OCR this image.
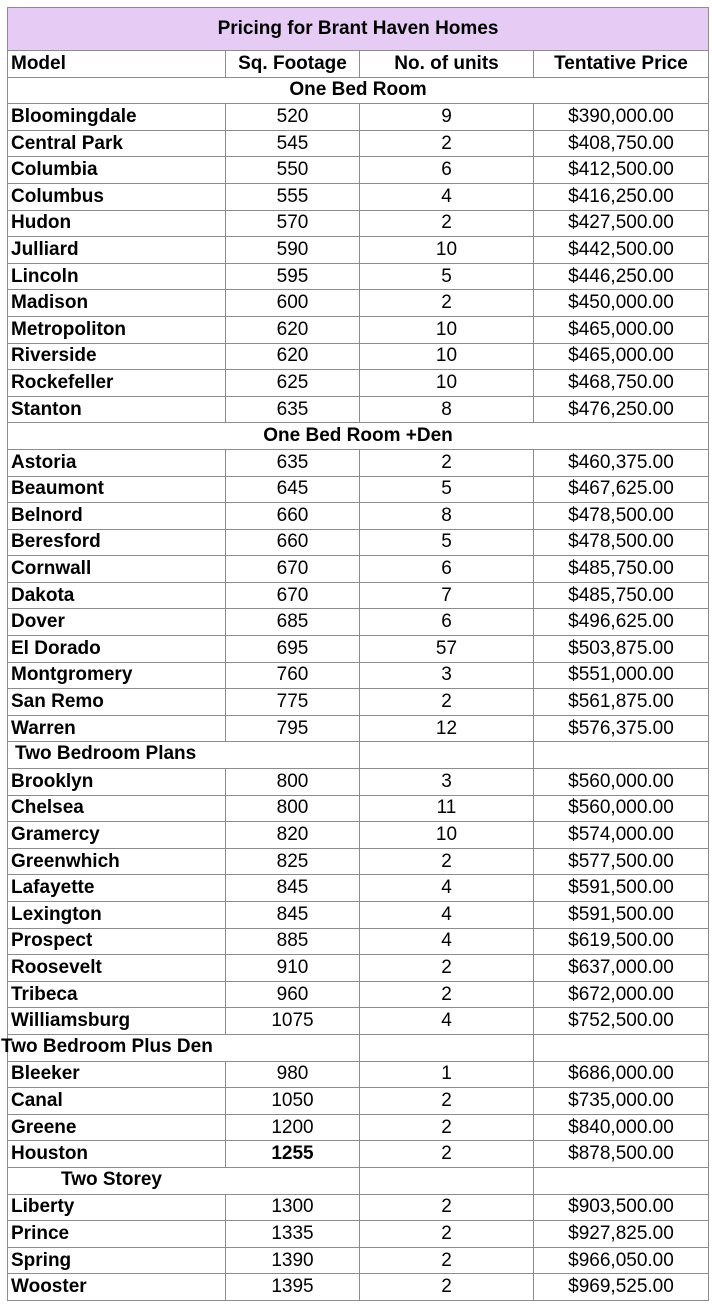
Pricing for Brant Haven Homes			
Model	Sq. Footage	No. of units	Tentative Price
One Bed Room			
Bloomingdale	520	9	$390,000.00
Central Park	545	2	$408,750.00
Columbia	550	6	$412,500.00
Columbus	555	4	$416,250.00
Hudon	570	2	$427,500.00
Julliard	590	10	$442,500.00
Lincoln	595	5	$446,250.00
Madison	600	2	$450,000.00
Metropoliton	620	10	$465,000.00
Riverside	620	10	$465,000.00
Rockefeller	625	10	$468,750.00
Stanton	635	8	$476,250.00
One Bed Room +Den			
Astoria	635	2	$460,375.00
Beaumont	645	5	$467,625.00
Belnord	660	8	$478,500.00
Beresford	660	5	$478,500.00
Cornwall	670	6	$485,750.00
Dakota	670	7	$485,750.00
Dover	685	6	$496,625.00
El Dorado	695	57	$503,875.00
Montgromery	760	3	$551,000.00
San Remo	775	2	$561,875.00
Warren	795	12	$576,375.00

Two Bedroom Plans			

Brooklyn	800	3	$560,000.00
Chelsea	800	11	$560,000.00
Gramercy	820	10	$574,000.00
Greenwhich	825	2	$577,500.00
Lafayette	845	4	$591,500.00
Lexington	845	4	$591,500.00
Prospect	885	4	$619,500.00
Roosevelt	910	2	$637,000.00
Tribeca	960	2	$672,000.00
Williamsburg	1075	4	$752,500.00

Two Bedroom Plus Den			

Bleeker	980	1	$686,000.00
Canal	1050	2	$735,000.00
Greene	1200	2	$840,000.00
Houston	1255	2	$878,500.00

Two Storey			

Liberty	1300	2	$903,500.00
Prince	1335	2	$927,825.00
Spring	1390	2	$966,050.00
Wooster	1395	2	$969,525.00
